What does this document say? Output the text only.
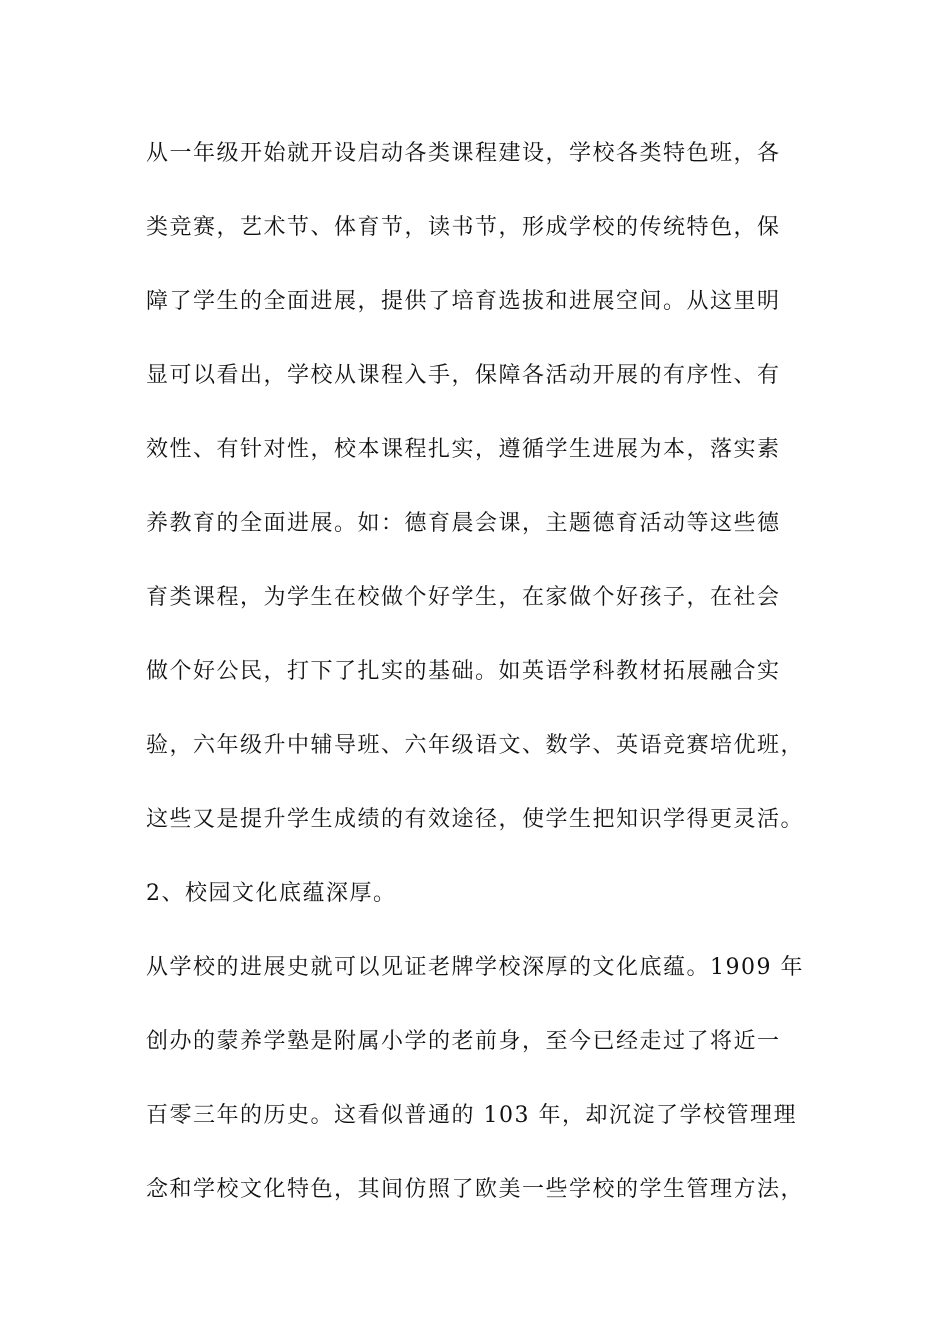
从一年级开始就开设启动各类课程建设，学校各类特色班，各
类竞赛，艺术节、体育节，读书节，形成学校的传统特色，保
障了学生的全面进展，提供了培育选拔和进展空间。从这里明
显可以看出，学校从课程入手，保障各活动开展的有序性、有
效性、有针对性，校本课程扎实，遵循学生进展为本，落实素
养教育的全面进展。如：德育晨会课，主题德育活动等这些德
育类课程，为学生在校做个好学生，在家做个好孩子，在社会
做个好公民，打下了扎实的基础。如英语学科教材拓展融合实
验，六年级升中辅导班、六年级语文、数学、英语竞赛培优班，
这些又是提升学生成绩的有效途径，使学生把知识学得更灵活。
2、校园文化底蕴深厚。
从学校的进展史就可以见证老牌学校深厚的文化底蕴。1909 年
创办的蒙养学塾是附属小学的老前身，至今已经走过了将近一
百零三年的历史。这看似普通的 103 年，却沉淀了学校管理理
念和学校文化特色，其间仿照了欧美一些学校的学生管理方法，
